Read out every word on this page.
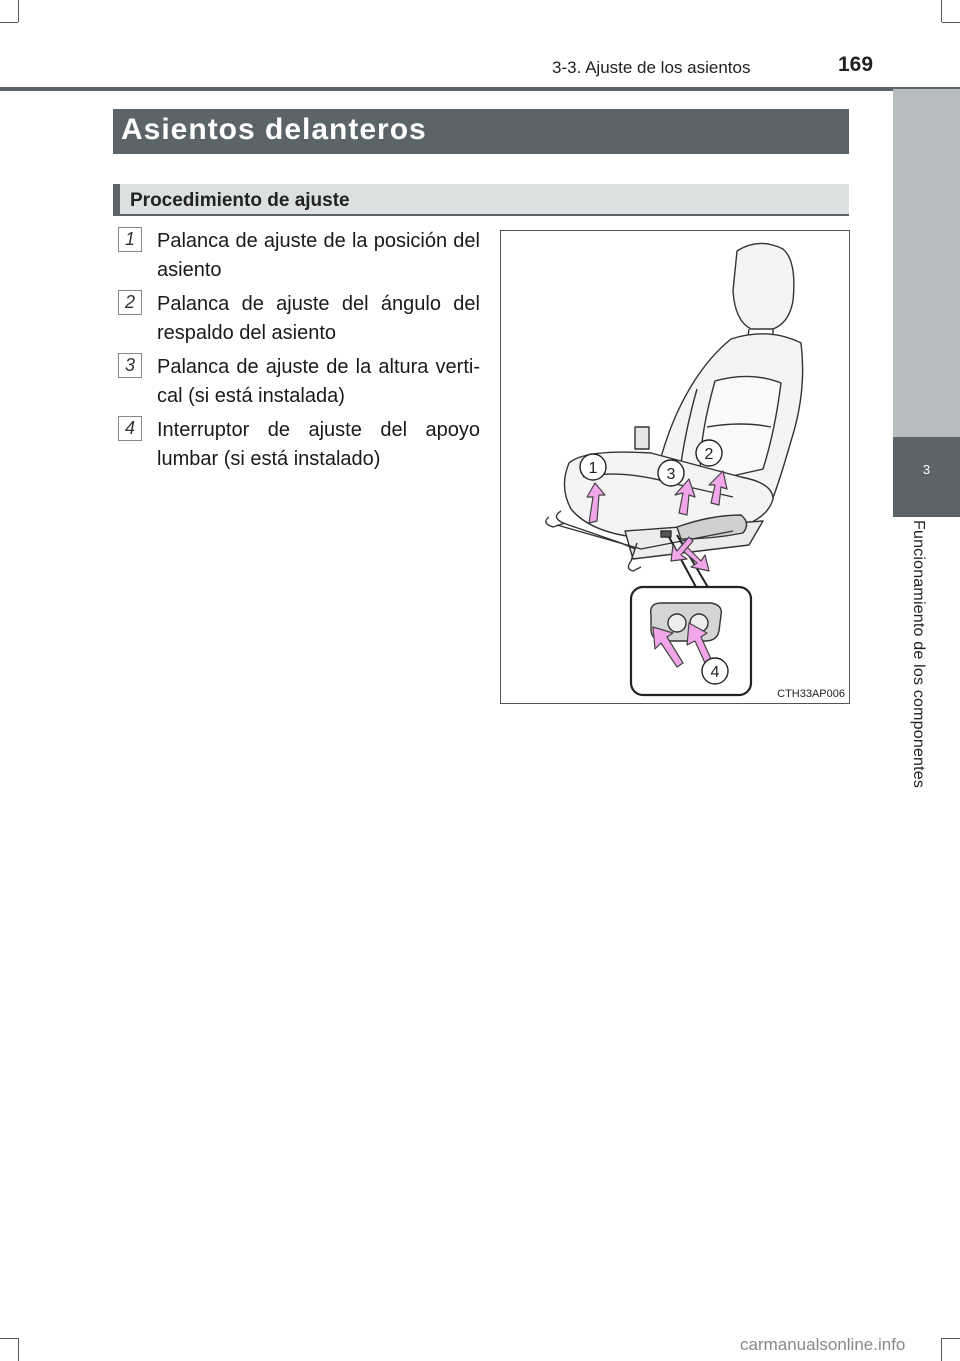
3-3. Ajuste de los asientos	169
3
Funcionamiento de los componentes
Asientos delanteros
Procedimiento de ajuste
1	Palanca de ajuste de la posición del asiento
2	Palanca de ajuste del ángulo del respaldo del asiento
3	Palanca de ajuste de la altura verti-cal (si está instalada)
4	Interruptor de ajuste del apoyo lumbar (si está instalado)	1	3
2
4
CTH33AP006
carmanualsonline.info
